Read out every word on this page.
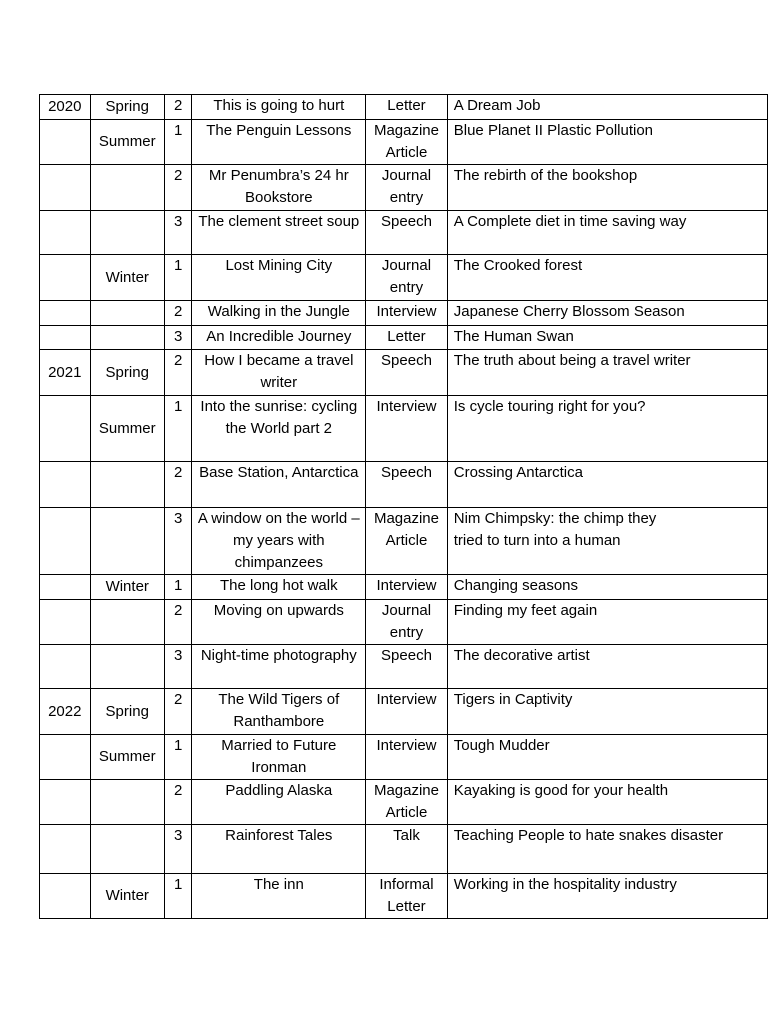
2020	Spring	2	This is going to hurt	Letter	A Dream Job
	Summer	1	The Penguin Lessons	Magazine Article	Blue Planet II Plastic Pollution
		2	Mr Penumbra’s 24 hr Bookstore	Journal entry	The rebirth of the bookshop
		3	The clement street soup	Speech	A Complete diet in time saving way
	Winter	1	Lost Mining City	Journal entry	The Crooked forest
		2	Walking in the Jungle	Interview	Japanese Cherry Blossom Season
		3	An Incredible Journey	Letter	The Human Swan
2021	Spring	2	How I became a travel writer	Speech	The truth about being a travel writer
	Summer	1	Into the sunrise: cycling the World part 2	Interview	Is cycle touring right for you?
		2	Base Station, Antarctica	Speech	Crossing Antarctica
		3	A window on the world – my years with chimpanzees	Magazine Article	Nim Chimpsky: the chimp they
tried to turn into a human
	Winter	1	The long hot walk	Interview	Changing seasons
		2	Moving on upwards	Journal entry	Finding my feet again
		3	Night-time photography	Speech	The decorative artist
2022	Spring	2	The Wild Tigers of Ranthambore	Interview	Tigers in Captivity
	Summer	1	Married to Future Ironman	Interview	Tough Mudder
		2	Paddling Alaska	Magazine Article	Kayaking is good for your health
		3	Rainforest Tales	Talk	Teaching People to hate snakes disaster
	Winter	1	The inn	Informal Letter	Working in the hospitality industry
